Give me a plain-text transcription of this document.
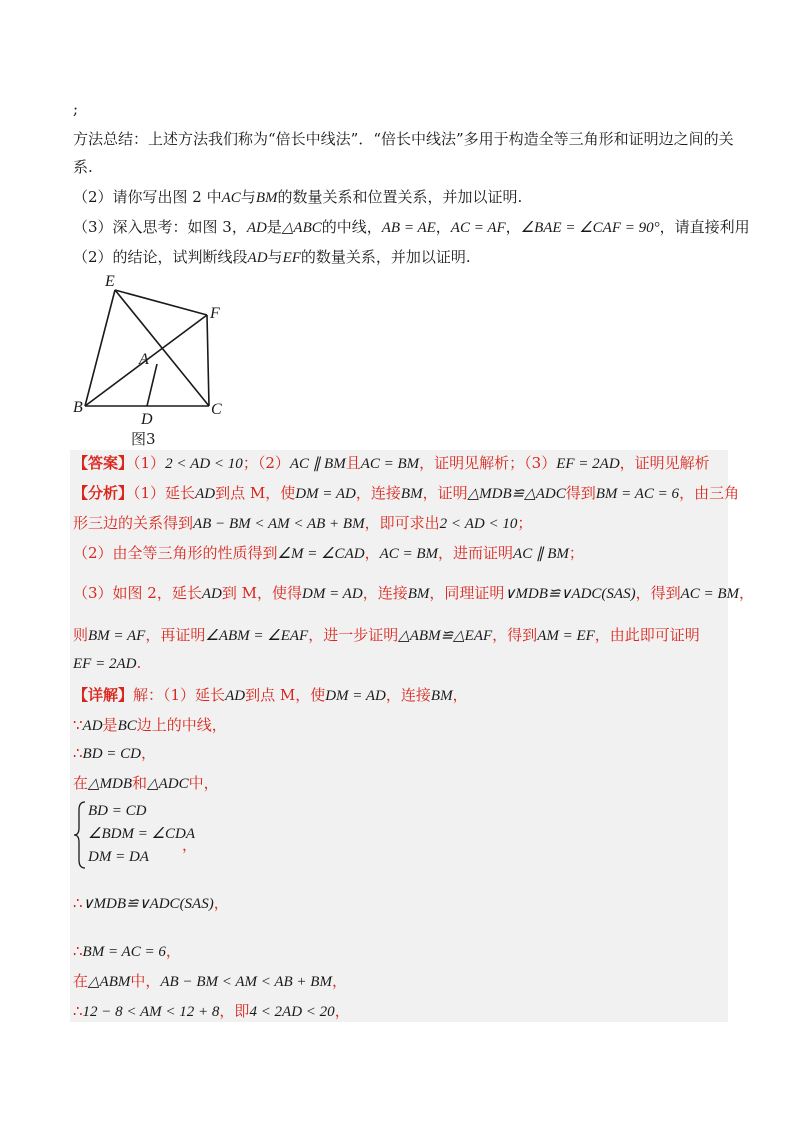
;
方法总结：上述方法我们称为“倍长中线法”．“倍长中线法”多用于构造全等三角形和证明边之间的关
系.
（2）请你写出图 2 中AC与BM的数量关系和位置关系，并加以证明.
（3）深入思考：如图 3，AD是△ABC的中线，AB = AE，AC = AF，∠BAE = ∠CAF = 90°，请直接利用
（2）的结论，试判断线段AD与EF的数量关系，并加以证明.
E
F
A
B
D
C
图3
【答案】（1）2 < AD < 10；（2）AC ∥ BM且AC = BM，证明见解析；（3）EF = 2AD，证明见解析
【分析】（1）延长AD到点 M，使DM = AD，连接BM，证明△MDB≌△ADC得到BM = AC = 6，由三角
形三边的关系得到AB − BM < AM < AB + BM，即可求出2 < AD < 10；
（2）由全等三角形的性质得到∠M = ∠CAD，AC = BM，进而证明AC ∥ BM；
（3）如图 2，延长AD到 M，使得DM = AD，连接BM，同理证明∨MDB≌∨ADC(SAS)，得到AC = BM，
则BM = AF，再证明∠ABM = ∠EAF，进一步证明△ABM≌△EAF，得到AM = EF，由此即可证明
EF = 2AD.
【详解】解：（1）延长AD到点 M，使DM = AD，连接BM，
∵AD是BC边上的中线，
∴BD = CD，
在△MDB和△ADC中，
BD = CD
∠BDM = ∠CDA
DM = DA
，
∴∨MDB≌∨ADC(SAS)，
∴BM = AC = 6，
在△ABM中，AB − BM < AM < AB + BM，
∴12 − 8 < AM < 12 + 8，即4 < 2AD < 20，
